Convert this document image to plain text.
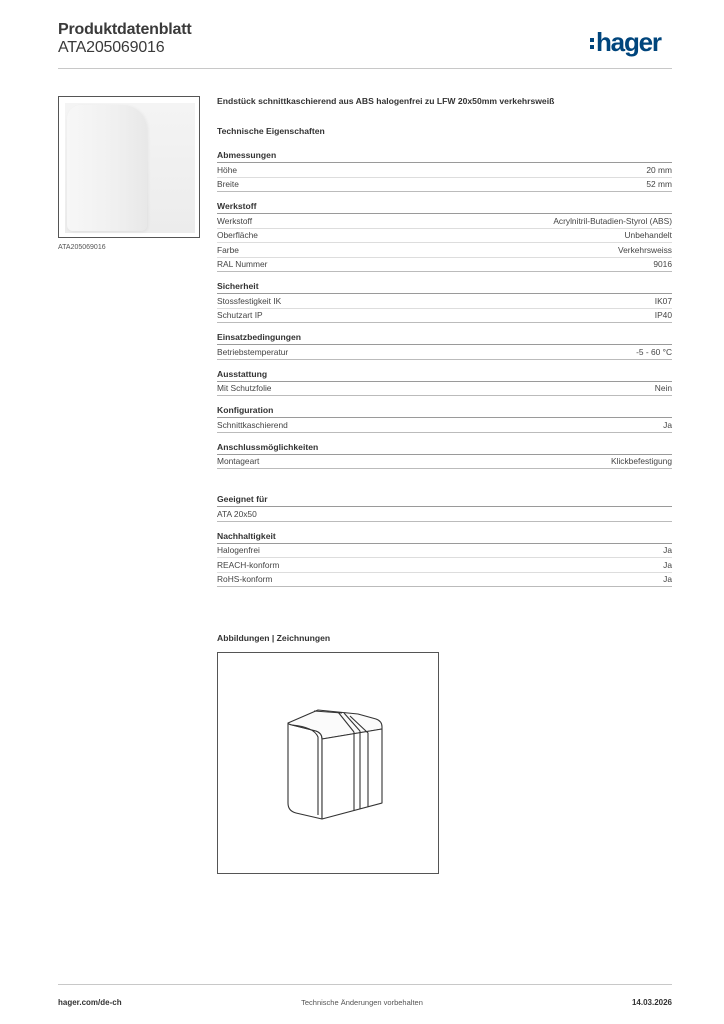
Produktdatenblatt
ATA205069016	hager
ATA205069016
Endstück schnittkaschierend aus ABS halogenfrei zu LFW 20x50mm verkehrsweiß
Technische Eigenschaften
Abmessungen
Höhe	20 mm
Breite	52 mm
Werkstoff
Werkstoff	Acrylnitril-Butadien-Styrol (ABS)
Oberfläche	Unbehandelt
Farbe	Verkehrsweiss
RAL Nummer	9016
Sicherheit
Stossfestigkeit IK	IK07
Schutzart IP	IP40
Einsatzbedingungen
Betriebstemperatur	-5 - 60 °C
Ausstattung
Mit Schutzfolie	Nein
Konfiguration
Schnittkaschierend	Ja
Anschlussmöglichkeiten
Montageart	Klickbefestigung
Geeignet für
ATA 20x50
Nachhaltigkeit
Halogenfrei	Ja
REACH-konform	Ja
RoHS-konform	Ja
Abbildungen | Zeichnungen
hager.com/de-ch	Technische Änderungen vorbehalten	14.03.2026
